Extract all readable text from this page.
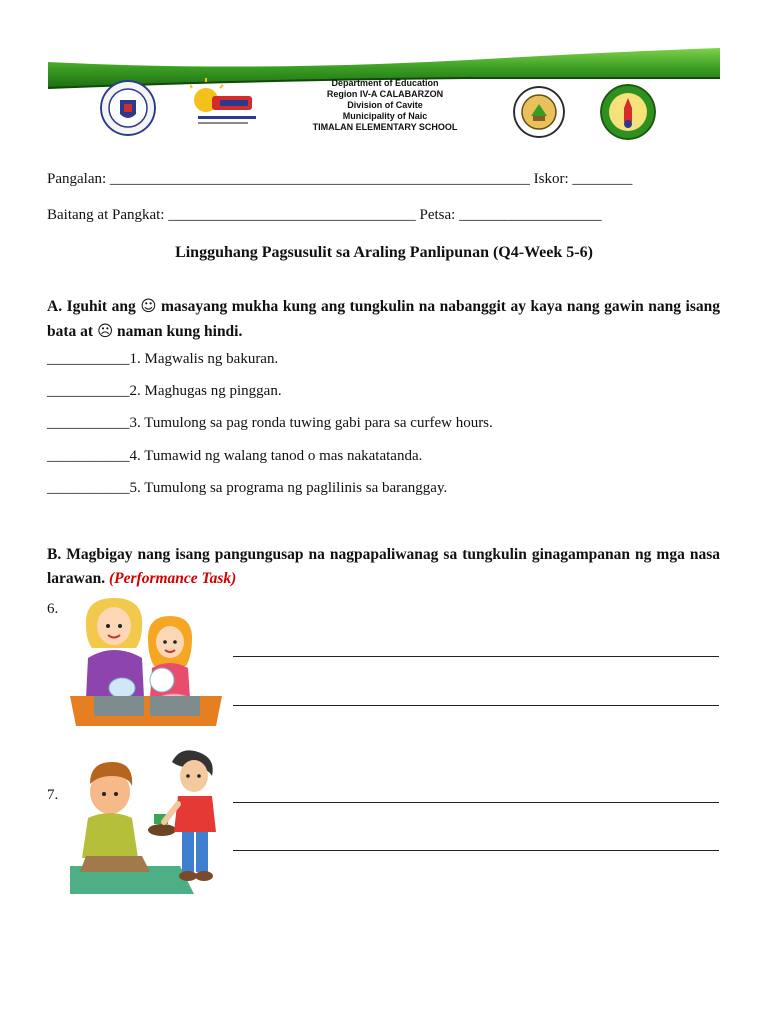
Department of Education
Region IV-A CALABARZON
Division of Cavite
Municipality of Naic
TIMALAN ELEMENTARY SCHOOL
Pangalan: ________________________________________________________ Iskor: ________
Baitang at Pangkat: _________________________________ Petsa: ___________________
Lingguhang Pagsusulit sa Araling Panlipunan (Q4-Week 5-6)
A. Iguhit ang ☺ masayang mukha kung ang tungkulin na nabanggit ay kaya nang gawin nang isang bata at ☹ naman kung hindi.
___________1. Magwalis ng bakuran.
___________2. Maghugas ng pinggan.
___________3. Tumulong sa pag ronda tuwing gabi para sa curfew hours.
___________4. Tumawid ng walang tanod o mas nakatatanda.
___________5. Tumulong sa programa ng paglilinis sa baranggay.
B. Magbigay nang isang pangungusap na nagpapaliwanag sa tungkulin ginagampanan ng mga nasa larawan. (Performance Task)
6.
7.
